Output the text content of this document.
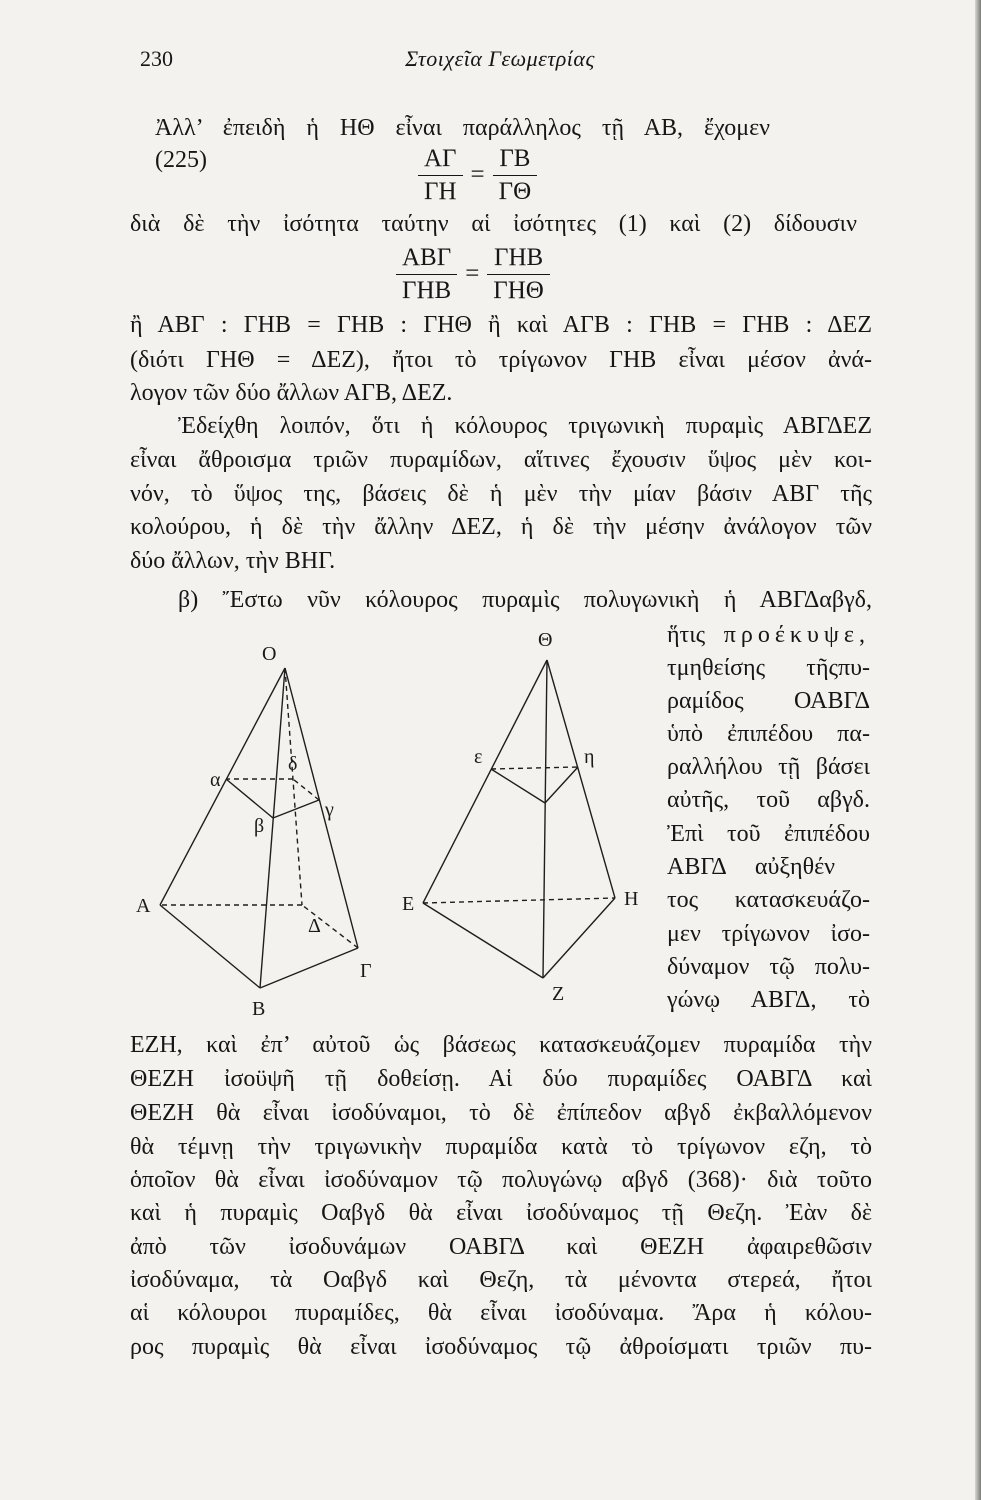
230	Στοιχεῖα Γεωμετρίας
Ἀλλ’ ἐπειδὴ ἡ ΗΘ εἶναι παράλληλος τῇ ΑΒ, ἔχομεν
(225)	$\frac{A\Gamma}{\Gamma H} = \frac{\Gamma B}{\Gamma\Theta}$
διὰ δὲ τὴν ἰσότητα ταύτην αἱ ἰσότητες (1) καὶ (2) δίδουσιν
$\frac{\text{ΑΒΓ}}{\text{ΓΗΒ}} = \frac{\text{ΓΗΒ}}{\text{ΓΗΘ}}$
ἢ ΑΒΓ : ΓΗΒ = ΓΗΒ : ΓΗΘ ἢ καὶ ΑΓΒ : ΓΗΒ = ΓΗΒ : ΔΕΖ
(διότι ΓΗΘ = ΔΕΖ), ἤτοι τὸ τρίγωνον ΓΗΒ εἶναι μέσον ἀνά-
λογον τῶν δύο ἄλλων ΑΓΒ, ΔΕΖ.
Ἐδείχθη λοιπόν, ὅτι ἡ κόλουρος τριγωνικὴ πυραμὶς ΑΒΓΔΕΖ
εἶναι ἄθροισμα τριῶν πυραμίδων, αἵτινες ἔχουσιν ὕψος μὲν κοι-
νόν, τὸ ὕψος της, βάσεις δὲ ἡ μὲν τὴν μίαν βάσιν ΑΒΓ τῆς
κολούρου, ἡ δὲ τὴν ἄλλην ΔΕΖ, ἡ δὲ τὴν μέσην ἀνάλογον τῶν
δύο ἄλλων, τὴν ΒΗΓ.
β) Ἔστω νῦν κόλουρος πυραμὶς πολυγωνικὴ ἡ ΑΒΓΔαβγδ,
Ο
α
β
γ
δ
Α
Β
Γ
Δ
Θ
ε	η
Ε
Ζ
Η
ἥτις προέκυψε,
τμηθείσης τῆςπυ-
ραμίδος ΟΑΒΓΔ
ὑπὸ ἐπιπέδου πα-
ραλλήλου τῇ βάσει
αὐτῆς, τοῦ αβγδ.
Ἐπὶ τοῦ ἐπιπέδου
ΑΒΓΔ αὐξηθέν
τος κατασκευάζο-
μεν τρίγωνον ἰσο-
δύναμον τῷ πολυ-
γώνῳ ΑΒΓΔ, τὸ
ΕΖΗ, καὶ ἐπ’ αὐτοῦ ὡς βάσεως κατασκευάζομεν πυραμίδα τὴν
ΘΕΖΗ ἰσοϋψῆ τῇ δοθείσῃ. Αἱ δύο πυραμίδες ΟΑΒΓΔ καὶ
ΘΕΖΗ θὰ εἶναι ἰσοδύναμοι, τὸ δὲ ἐπίπεδον αβγδ ἐκβαλλόμενον
θὰ τέμνῃ τὴν τριγωνικὴν πυραμίδα κατὰ τὸ τρίγωνον εζη, τὸ
ὁποῖον θὰ εἶναι ἰσοδύναμον τῷ πολυγώνῳ αβγδ (368)· διὰ τοῦτο
καὶ ἡ πυραμὶς Οαβγδ θὰ εἶναι ἰσοδύναμος τῇ Θεζη. Ἐὰν δὲ
ἀπὸ τῶν ἰσοδυνάμων ΟΑΒΓΔ καὶ ΘΕΖΗ ἀφαιρεθῶσιν
ἰσοδύναμα, τὰ Οαβγδ καὶ Θεζη, τὰ μένοντα στερεά, ἤτοι
αἱ κόλουροι πυραμίδες, θὰ εἶναι ἰσοδύναμα. Ἄρα ἡ κόλου-
ρος πυραμὶς θὰ εἶναι ἰσοδύναμος τῷ ἀθροίσματι τριῶν πυ-
